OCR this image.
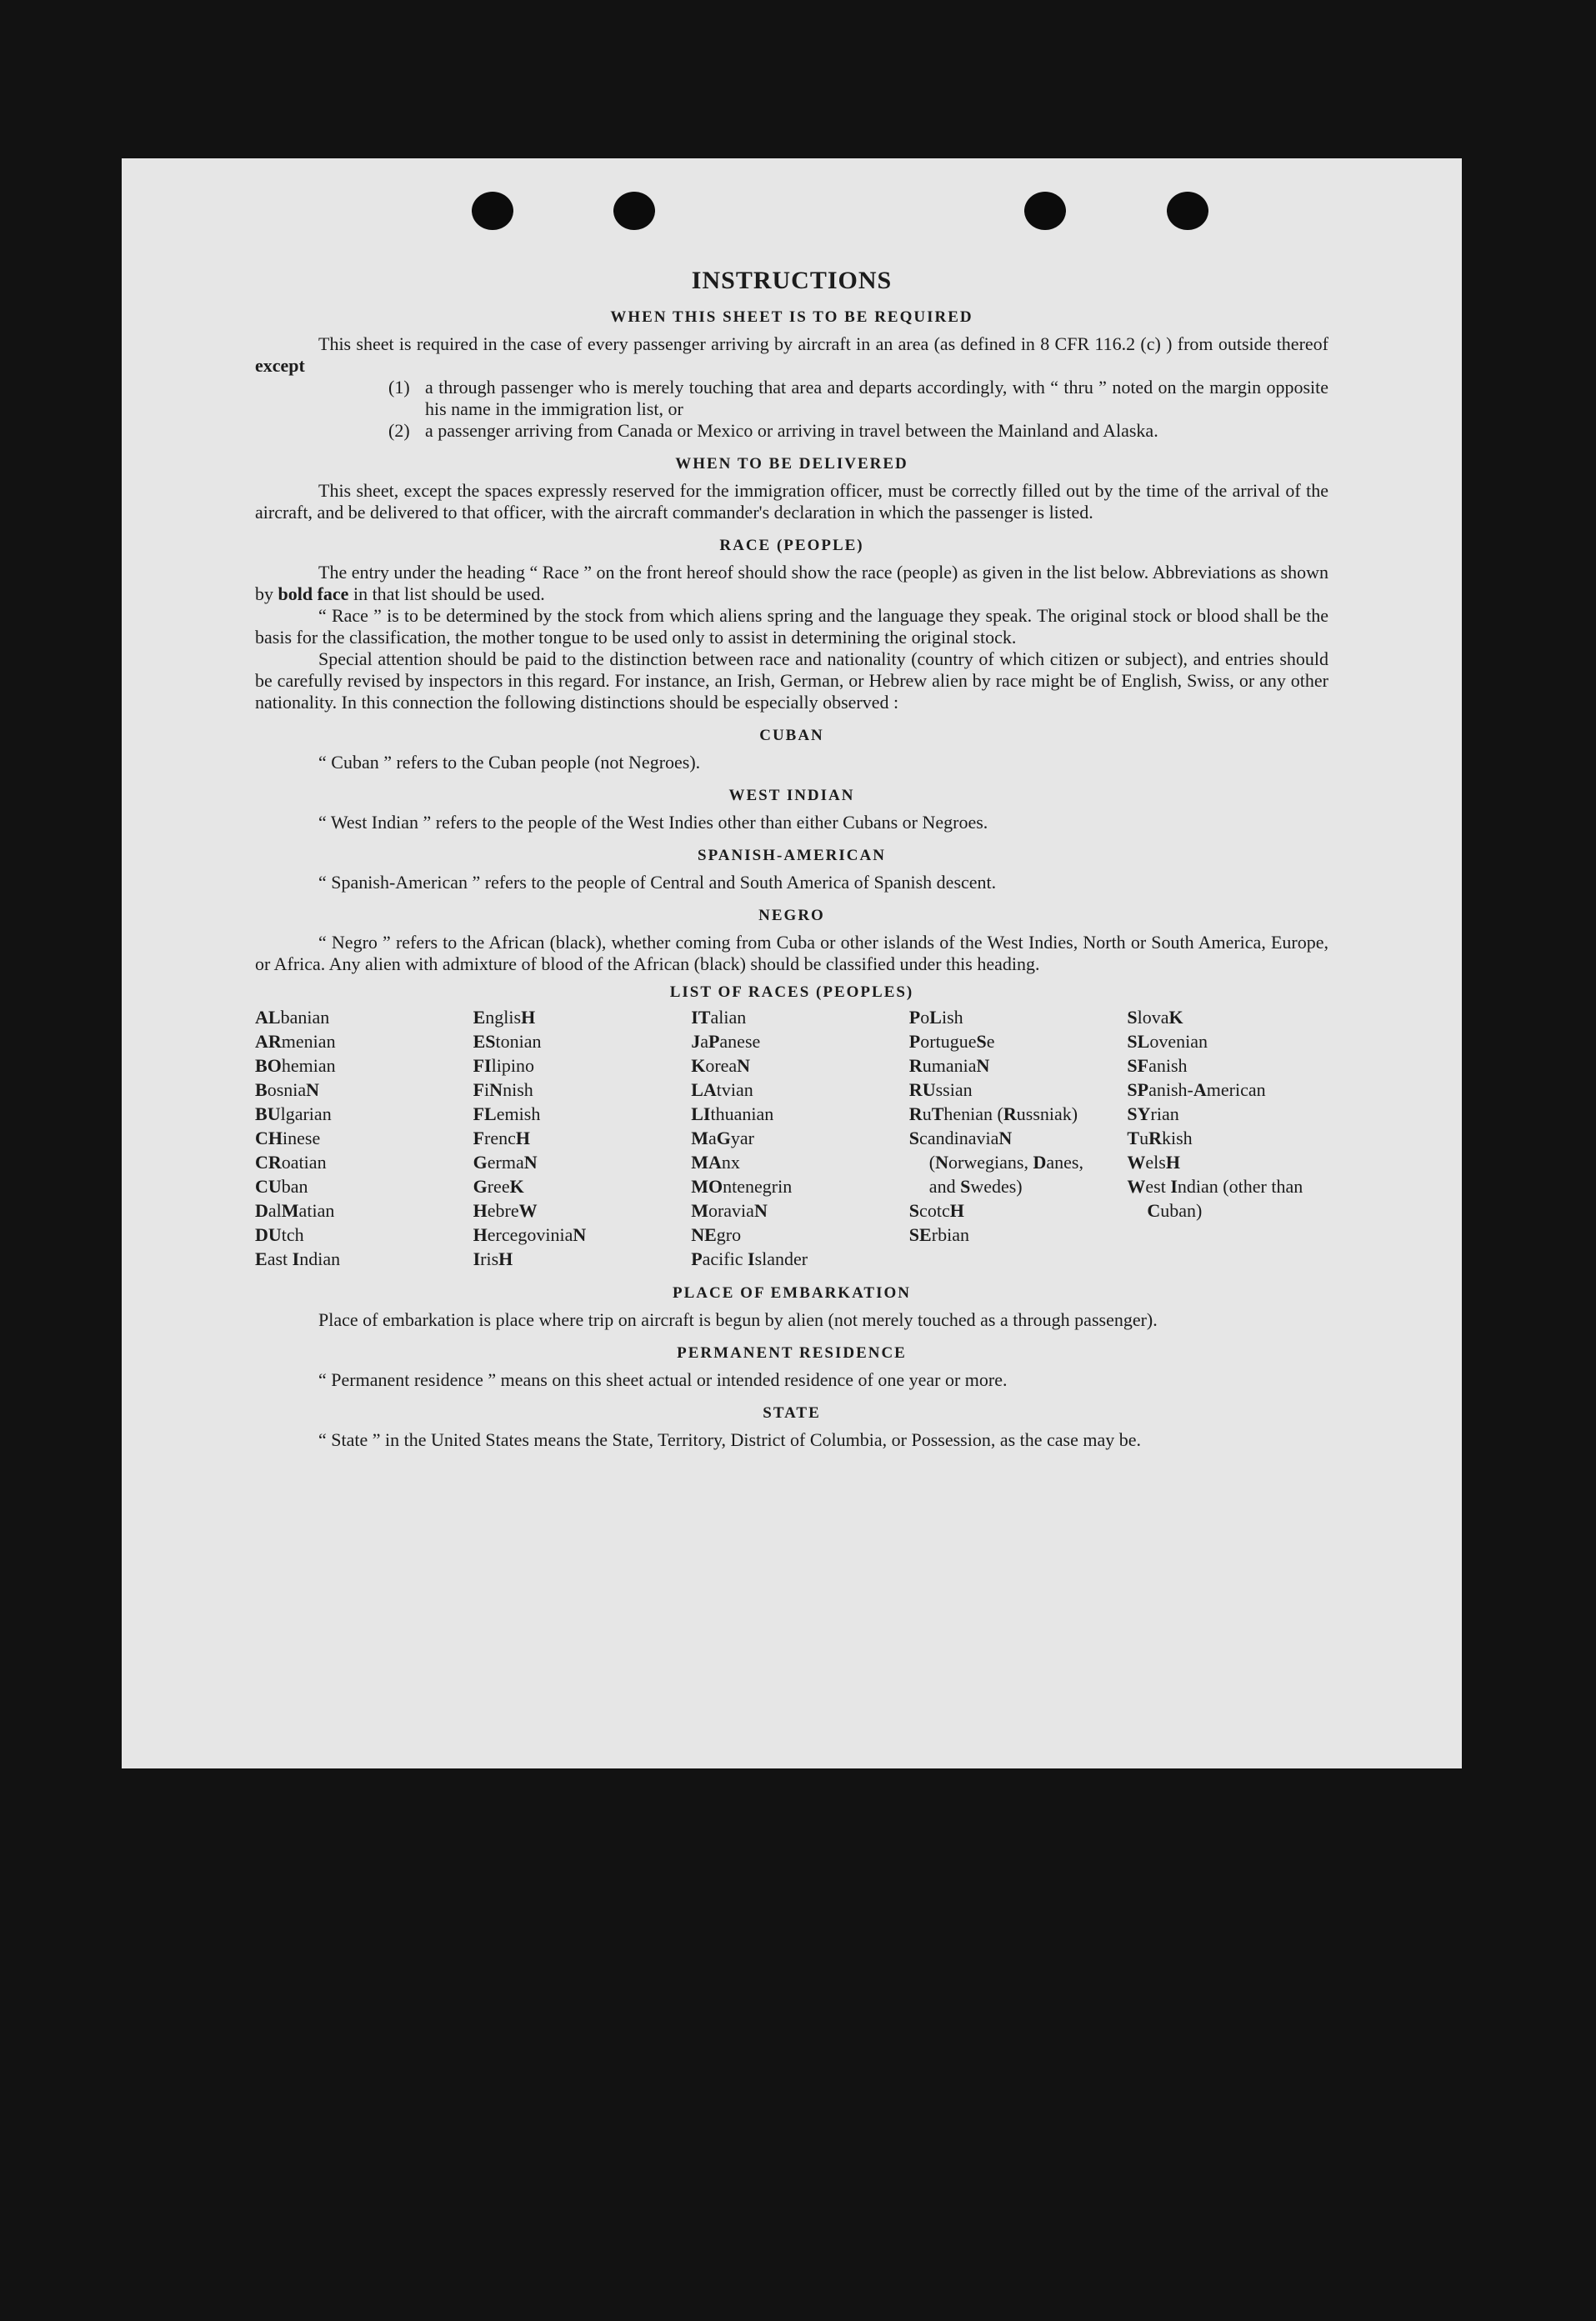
INSTRUCTIONS
WHEN THIS SHEET IS TO BE REQUIRED

This sheet is required in the case of every passenger arriving by aircraft in an area (as defined in 8 CFR 116.2 (c) ) from outside thereof except

(1) a through passenger who is merely touching that area and departs accordingly, with “ thru ” noted on the margin opposite his name in the immigration list, or
(2) a passenger arriving from Canada or Mexico or arriving in travel between the Mainland and Alaska.
WHEN TO BE DELIVERED

This sheet, except the spaces expressly reserved for the immigration officer, must be correctly filled out by the time of the arrival of the aircraft, and be delivered to that officer, with the aircraft commander's declaration in which the passenger is listed.

RACE (PEOPLE)

The entry under the heading “ Race ” on the front hereof should show the race (people) as given in the list below. Abbreviations as shown by bold face in that list should be used.

“ Race ” is to be determined by the stock from which aliens spring and the language they speak. The original stock or blood shall be the basis for the classification, the mother tongue to be used only to assist in determining the original stock.

Special attention should be paid to the distinction between race and nationality (country of which citizen or subject), and entries should be carefully revised by inspectors in this regard. For instance, an Irish, German, or Hebrew alien by race might be of English, Swiss, or any other nationality. In this connection the following distinctions should be especially observed :

CUBAN

“ Cuban ” refers to the Cuban people (not Negroes).

WEST INDIAN

“ West Indian ” refers to the people of the West Indies other than either Cubans or Negroes.

SPANISH-AMERICAN

“ Spanish-American ” refers to the people of Central and South America of Spanish descent.

NEGRO

“ Negro ” refers to the African (black), whether coming from Cuba or other islands of the West Indies, North or South America, Europe, or Africa. Any alien with admixture of blood of the African (black) should be classified under this heading.

LIST OF RACES (PEOPLES)
ALbanian
ARmenian
BOhemian
BosniaN
BUlgarian
CHinese
CRoatian
CUban
DalMatian
DUtch
East Indian
EnglisH
EStonian
FIlipino
FiNnish
FLemish
FrencH
GermaN
GreeK
HebreW
HercegoviniaN
IrisH
ITalian
JaPanese
KoreaN
LAtvian
LIthuanian
MaGyar
MAnx
MOntenegrin
MoraviaN
NEgro
Pacific Islander
PoLish
PortugueSe
RumaniaN
RUssian
RuThenian (Russniak)
ScandinaviaN (Norwegians, Danes, and Swedes)
ScotcH
SErbian
SlovaK
SLovenian
SFanish
SPanish-American
SYrian
TuRkish
WelsH
West Indian (other than Cuban)
PLACE OF EMBARKATION

Place of embarkation is place where trip on aircraft is begun by alien (not merely touched as a through passenger).

PERMANENT RESIDENCE

“ Permanent residence ” means on this sheet actual or intended residence of one year or more.

STATE

“ State ” in the United States means the State, Territory, District of Columbia, or Possession, as the case may be.
